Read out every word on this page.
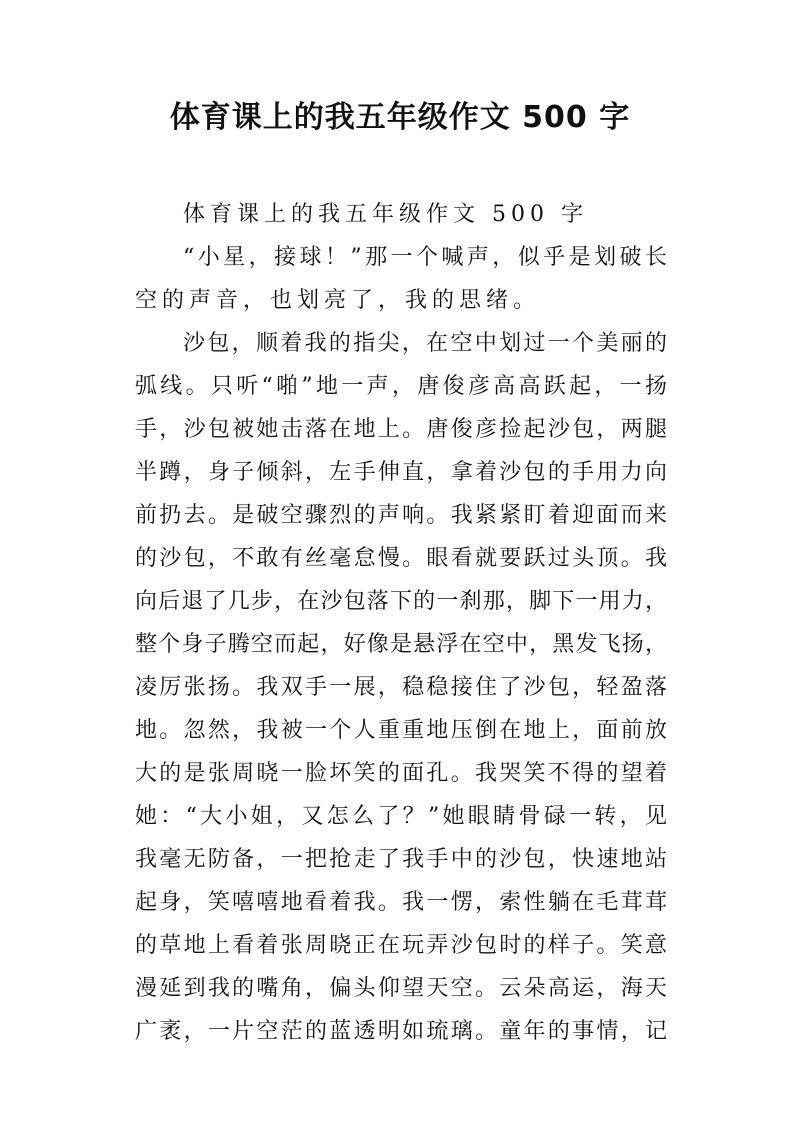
体育课上的我五年级作文 500 字
体育课上的我五年级作文 500 字
“小星，接球！”那一个喊声，似乎是划破长
空的声音，也划亮了，我的思绪。
沙包，顺着我的指尖，在空中划过一个美丽的
弧线。只听“啪”地一声，唐俊彦高高跃起，一扬
手，沙包被她击落在地上。唐俊彦捡起沙包，两腿
半蹲，身子倾斜，左手伸直，拿着沙包的手用力向
前扔去。是破空骤烈的声响。我紧紧盯着迎面而来
的沙包，不敢有丝毫怠慢。眼看就要跃过头顶。我
向后退了几步，在沙包落下的一刹那，脚下一用力，
整个身子腾空而起，好像是悬浮在空中，黑发飞扬，
凌厉张扬。我双手一展，稳稳接住了沙包，轻盈落
地。忽然，我被一个人重重地压倒在地上，面前放
大的是张周晓一脸坏笑的面孔。我哭笑不得的望着
她：“大小姐，又怎么了？”她眼睛骨碌一转，见
我毫无防备，一把抢走了我手中的沙包，快速地站
起身，笑嘻嘻地看着我。我一愣，索性躺在毛茸茸
的草地上看着张周晓正在玩弄沙包时的样子。笑意
漫延到我的嘴角，偏头仰望天空。云朵高运，海天
广袤，一片空茫的蓝透明如琉璃。童年的事情，记
